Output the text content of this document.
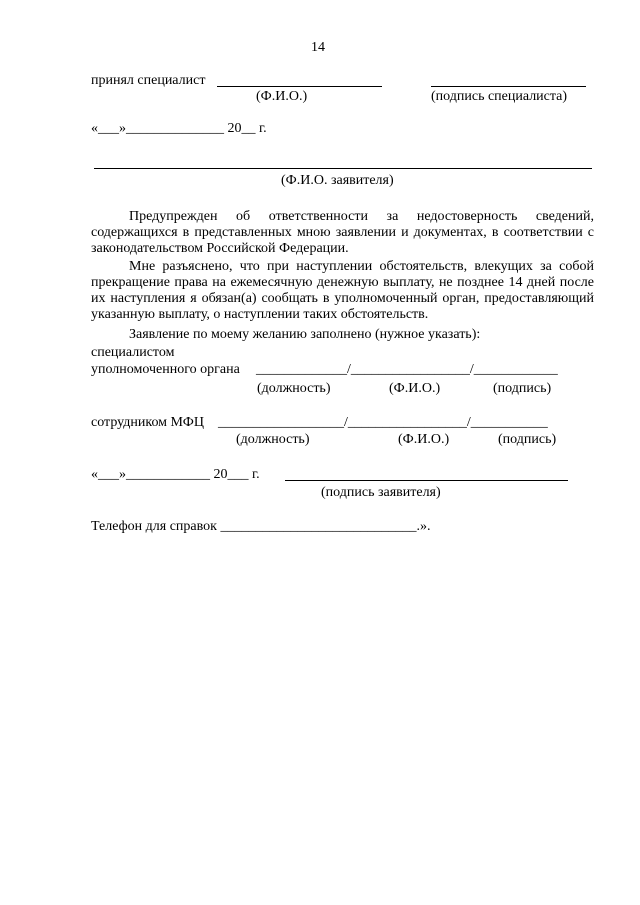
14
принял специалист
(Ф.И.О.)	(подпись специалиста)
«___»______________ 20__ г.
(Ф.И.О. заявителя)

Предупрежден об ответственности за недостоверность сведений, содержащихся в представленных мною заявлении и документах, в соответствии с законодательством Российской Федерации.

Мне разъяснено, что при наступлении обстоятельств, влекущих за собой прекращение права на ежемесячную денежную выплату, не позднее 14 дней после их наступления я обязан(а) сообщать в уполномоченный орган, предоставляющий указанную выплату, о наступлении таких обстоятельств.

Заявление по моему желанию заполнено (нужное указать):

специалистом
уполномоченного органа _____________/_________________/____________
(должность)	(Ф.И.О.)	(подпись)
сотрудником МФЦ __________________/_________________/___________
(должность)	(Ф.И.О.)	(подпись)
«___»____________ 20___ г.
(подпись заявителя)
Телефон для справок ____________________________.».
